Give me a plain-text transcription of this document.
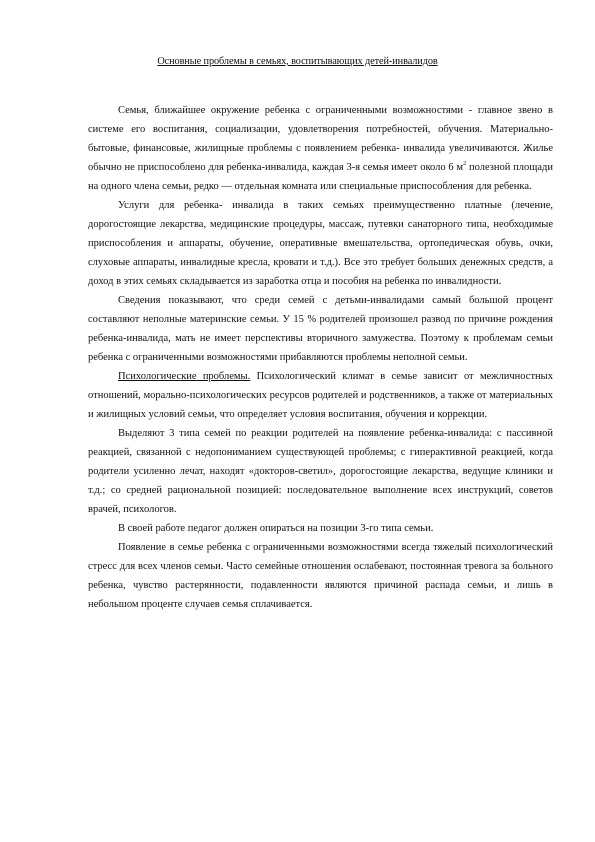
Основные проблемы в семьях, воспитывающих детей-инвалидов

Семья, ближайшее окружение ребенка с ограниченными возможностями - главное звено в системе его воспитания, социализации, удовлетворения потребностей, обучения. Материально-бытовые, финансовые, жилищные проблемы с появлением ребенка- инвалида увеличиваются. Жилье обычно не приспособлено для ребенка-инвалида, каждая 3-я семья имеет около 6 $м^2$ полезной площади на одного члена семьи, редко — отдельная комната или специальные приспособления для ребенка.

Услуги для ребенка- инвалида в таких семьях преимущественно платные (лечение, дорогостоящие лекарства, медицинские процедуры, массаж, путевки санаторного типа, необходимые приспособления и аппараты, обучение, оперативные вмешательства, ортопедическая обувь, очки, слуховые аппараты, инвалидные кресла, кровати и т.д.). Все это требует больших денежных средств, а доход в этих семьях складывается из заработка отца и пособия на ребенка по инвалидности.

Сведения показывают, что среди семей с детьми-инвалидами самый большой процент составляют неполные материнские семьи. У 15 % родителей произошел развод по причине рождения ребенка-инвалида, мать не имеет перспективы вторичного замужества. Поэтому к проблемам семьи ребенка с ограниченными возможностями прибавляются проблемы неполной семьи.

Психологические проблемы. Психологический климат в семье зависит от межличностных отношений, морально-психологических ресурсов родителей и родственников, а также от материальных и жилищных условий семьи, что определяет условия воспитания, обучения и коррекции.

Выделяют 3 типа семей по реакции родителей на появление ребенка-инвалида: с пассивной реакцией, связанной с недопониманием существующей проблемы; с гиперактивной реакцией, когда родители усиленно лечат, находят «докторов-светил», дорогостоящие лекарства, ведущие клиники и т.д.; со средней рациональной позицией: последовательное выполнение всех инструкций, советов врачей, психологов.

В своей работе педагог должен опираться на позиции 3-го типа семьи.

Появление в семье ребенка с ограниченными возможностями всегда тяжелый психологический стресс для всех членов семьи. Часто семейные отношения ослабевают, постоянная тревога за больного ребенка, чувство растерянности, подавленности являются причиной распада семьи, и лишь в небольшом проценте случаев семья сплачивается.
